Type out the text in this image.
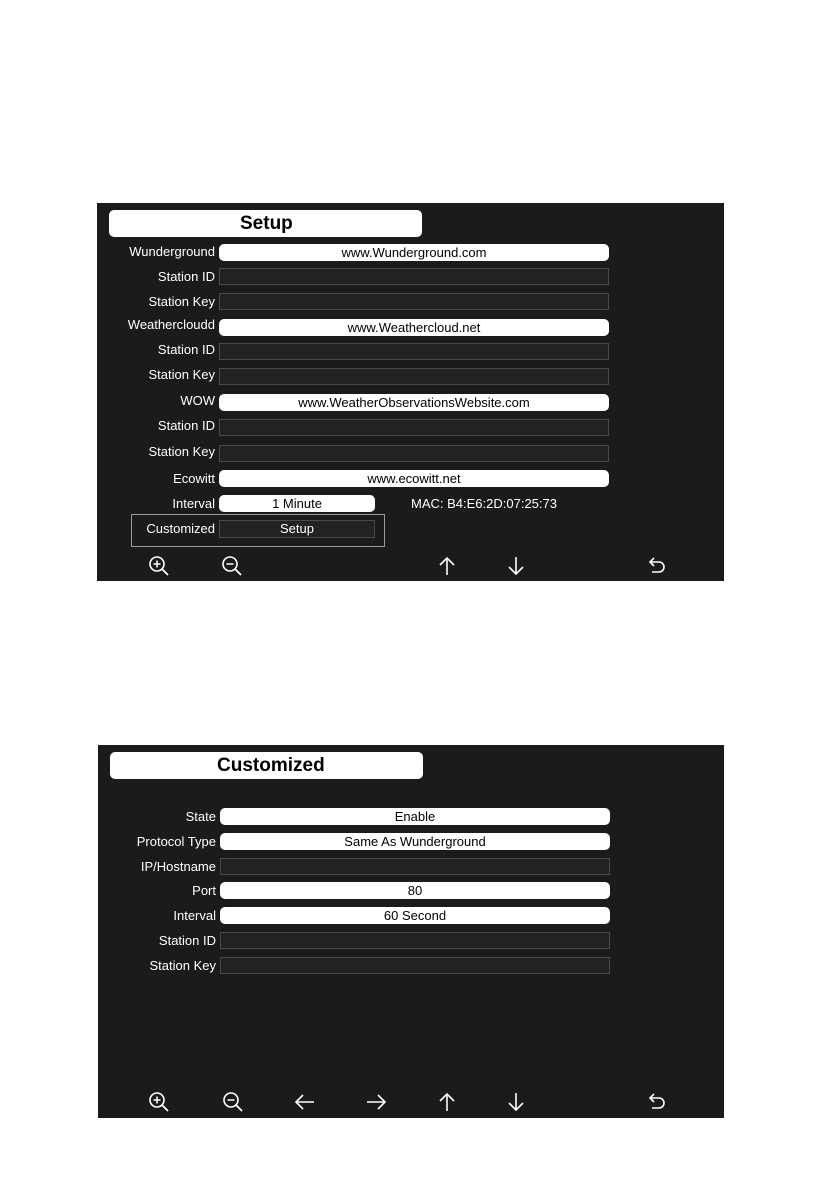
Setup
Wunderground	www.Wunderground.com
Station ID
Station Key
Weathercloudd	www.Weathercloud.net
Station ID
Station Key
WOW	www.WeatherObservationsWebsite.com
Station ID
Station Key
Ecowitt	www.ecowitt.net
Interval	1 Minute	MAC: B4:E6:2D:07:25:73
Customized	Setup
Customized
State	Enable
Protocol Type	Same As Wunderground
IP/Hostname
Port	80
Interval	60 Second
Station ID
Station Key
